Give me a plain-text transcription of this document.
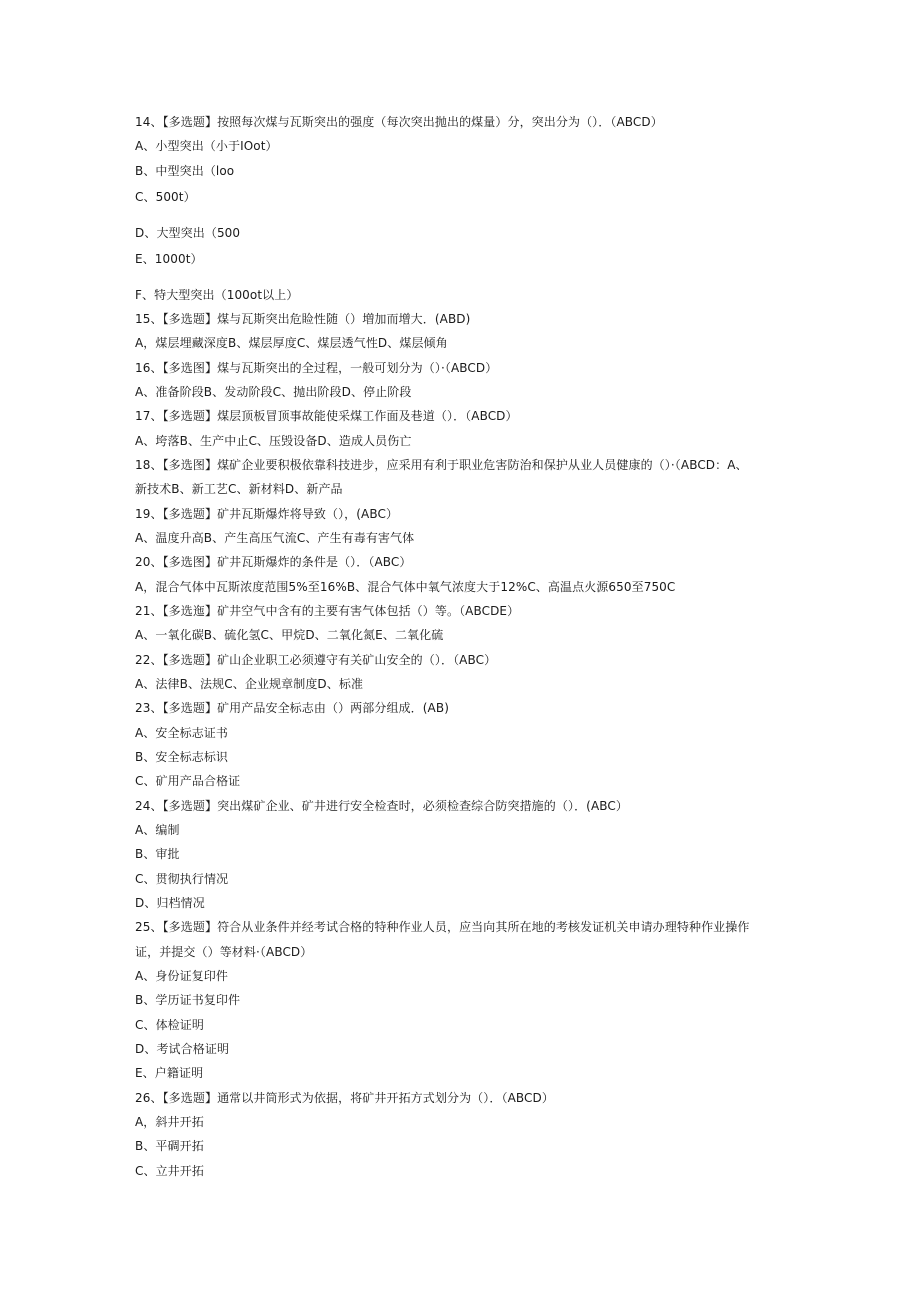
14、【多选题】按照每次煤与瓦斯突出的强度（每次突出抛出的煤量）分，突出分为（）．（ABCD）
A、小型突出（小于IOot）
B、中型突出（loo
C、500t）
D、大型突出（500
E、1000t）
F、特大型突出（100ot以上）
15、【多选题】煤与瓦斯突出危睑性随（）増加而增大．(ABD)
A，煤层埋藏深度B、煤层厚度C、煤层透气性D、煤层倾角
16、【多选图】煤与瓦斯突出的全过程，一般可划分为（）·（ABCD）
A、准备阶段B、发动阶段C、抛出阶段D、停止阶段
17、【多选题】煤层顶板冒顶事故能使采煤工作面及巷道（）．（ABCD）
A、垮落B、生产中止C、压毁设备D、造成人员伤亡
18、【多选图】煤矿企业要积极依靠科技进步，应采用有利于职业危害防治和保护从业人员健康的（）·（ABCD：A、
新技术B、新工艺C、新材料D、新产品
19、【多选题】矿井瓦斯爆炸将导致（），(ABC）
A、温度升高B、产生高压气流C、产生有毒有害气体
20、【多选图】矿井瓦斯爆炸的条件是（）．（ABC）
A，混合气体中瓦斯浓度范围5%至16%B、混合气体中氧气浓度大于12%C、高温点火源650至750C
21、【多选迤】矿井空气中含有的主要有害气体包括（）等。（ABCDE）
A、一氧化碳B、硫化氢C、甲烷D、二氧化氮E、二氧化硫
22、【多选题】矿山企业职工必须遵守有关矿山安全的（）．（ABC）
A、法律B、法规C、企业规章制度D、标准
23、【多选题】矿用产品安全标志由（）两部分组成．(AB)
A、安全标志证书
B、安全标志标识
C、矿用产品合格证
24、【多选题】突出煤矿企业、矿井进行安全检查时，必须检查综合防突措施的（）．(ABC）
A、编制
B、审批
C、贯彻执行情况
D、归档情况
25、【多选题】符合从业条件并经考试合格的特种作业人员，应当向其所在地的考核发证机关申请办理特种作业操作
证，并提交（）等材料·（ABCD）
A、身份证复印件
B、学历证书复印件
C、体检证明
D、考试合格证明
E、户籍证明
26、【多选题】通常以井筒形式为依据，将矿井开拓方式划分为（）．（ABCD）
A，斜井开拓
B、平碉开拓
C、立井开拓
